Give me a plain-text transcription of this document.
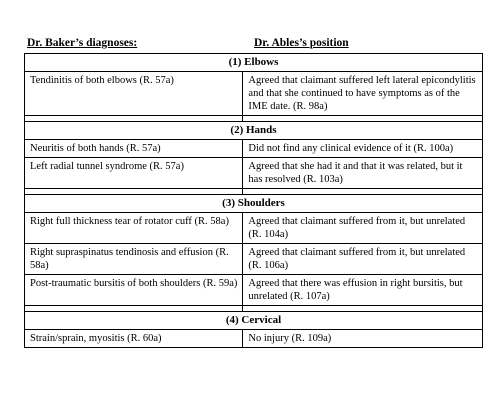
Dr. Baker’s diagnoses:	Dr. Ables’s position
(1) Elbows	

Tendinitis of both elbows (R. 57a)	Agreed that claimant suffered left lateral epicondylitis and that she continued to have symptoms as of the IME date. (R. 98a)

(2) Hands	

Neuritis of both hands (R. 57a)	Did not find any clinical evidence of it (R. 100a)

Left radial tunnel syndrome (R. 57a)	Agreed that she had it and that it was related, but it has resolved (R. 103a)

(3) Shoulders	

Right full thickness tear of rotator cuff (R. 58a)	Agreed that claimant suffered from it, but unrelated (R. 104a)

Right supraspinatus tendinosis and effusion (R. 58a)	Agreed that claimant suffered from it, but unrelated (R. 106a)

Post-traumatic bursitis of both shoulders (R. 59a)	Agreed that there was effusion in right bursitis, but unrelated (R. 107a)

(4) Cervical	

Strain/sprain, myositis (R. 60a)	No injury (R. 109a)
